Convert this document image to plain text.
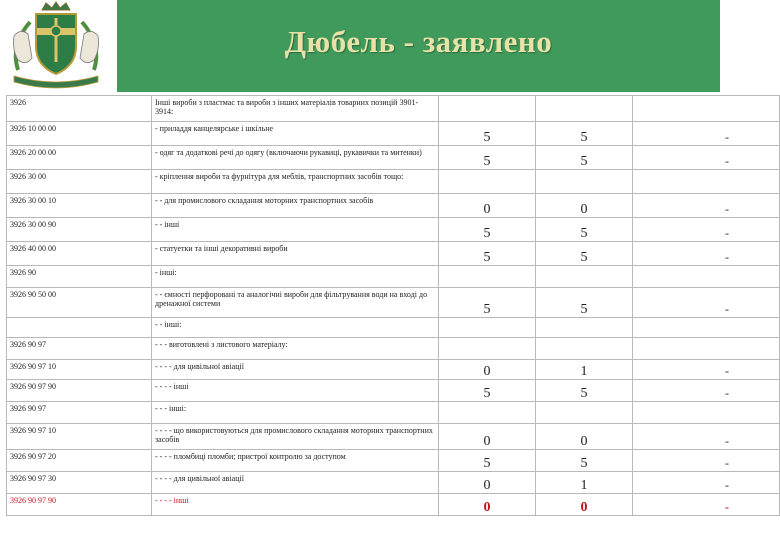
Дюбель - заявлено
3926	Інші вироби з пластмас та вироби з інших матеріалів товарних позицій 3901-3914:			
3926 10 00 00	- приладдя канцелярське і шкільне	5	5	-
3926 20 00 00	- одяг та додаткові речі до одягу (включаючи рукавиці, рукавички та митенки)	5	5	-
3926 30 00	- кріплення вироби та фурнітура для меблів, транспортних засобів тощо:			
3926 30 00 10	- - для промислового складання моторних транспортних засобів	0	0	-
3926 30 00 90	- - інші	5	5	-
3926 40 00 00	- статуетки та інші декоративні вироби	5	5	-
3926 90	- інші:			
3926 90 50 00	- - ємності перфоровані та аналогічні вироби для фільтрування води на вході до дренажної системи	5	5	-
	- - інші:			
3926 90 97	- - - виготовлені з листового матеріалу:			
3926 90 97 10	- - - - для цивільної авіації	0	1	-
3926 90 97 90	- - - - інші	5	5	-
3926 90 97	- - - інші:			
3926 90 97 10	- - - - що використовуються для промислового складання моторних транспортних засобів	0	0	-
3926 90 97 20	- - - - пломбиці пломби; пристрої контролю за доступом	5	5	-
3926 90 97 30	- - - - для цивільної авіації	0	1	-
3926 90 97 90	- - - - інші	0	0	-
